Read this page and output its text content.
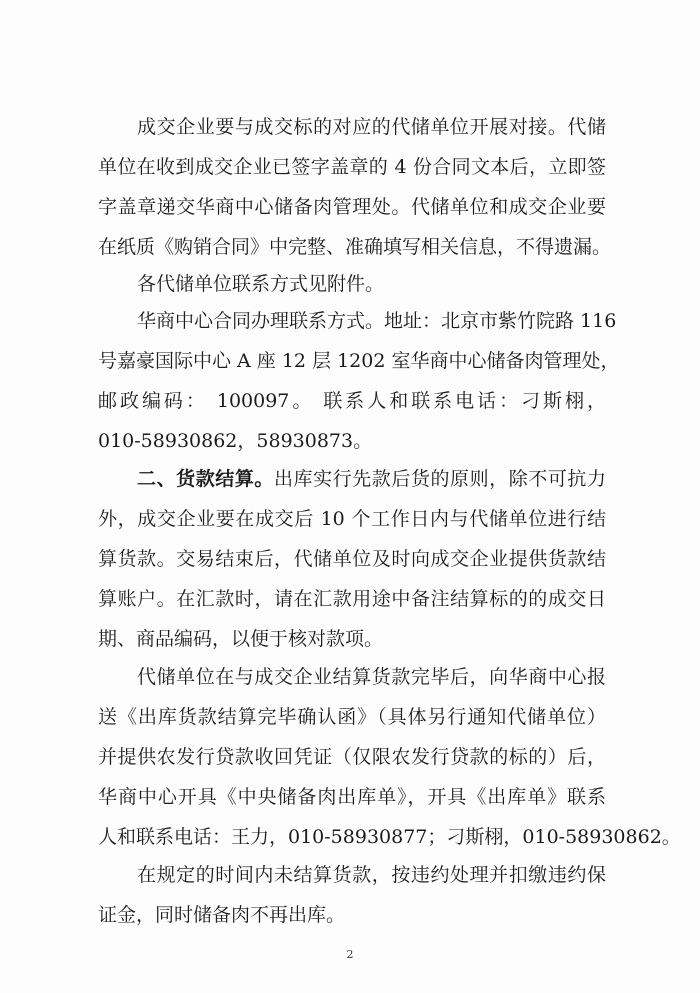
成交企业要与成交标的对应的代储单位开展对接。代储
单位在收到成交企业已签字盖章的 4 份合同文本后，立即签
字盖章递交华商中心储备肉管理处。代储单位和成交企业要
在纸质《购销合同》中完整、准确填写相关信息，不得遗漏。
各代储单位联系方式见附件。
华商中心合同办理联系方式。地址：北京市紫竹院路 116
号嘉豪国际中心 A 座 12 层 1202 室华商中心储备肉管理处，
邮政编码： 100097。 联系人和联系电话：刁斯栩，
010-58930862，58930873。
二、货款结算。出库实行先款后货的原则，除不可抗力
外，成交企业要在成交后 10 个工作日内与代储单位进行结
算货款。交易结束后，代储单位及时向成交企业提供货款结
算账户。在汇款时，请在汇款用途中备注结算标的的成交日
期、商品编码，以便于核对款项。
代储单位在与成交企业结算货款完毕后，向华商中心报
送《出库货款结算完毕确认函》（具体另行通知代储单位）
并提供农发行贷款收回凭证（仅限农发行贷款的标的）后，
华商中心开具《中央储备肉出库单》，开具《出库单》联系
人和联系电话：王力，010-58930877；刁斯栩，010-58930862。
在规定的时间内未结算货款，按违约处理并扣缴违约保
证金，同时储备肉不再出库。
2
